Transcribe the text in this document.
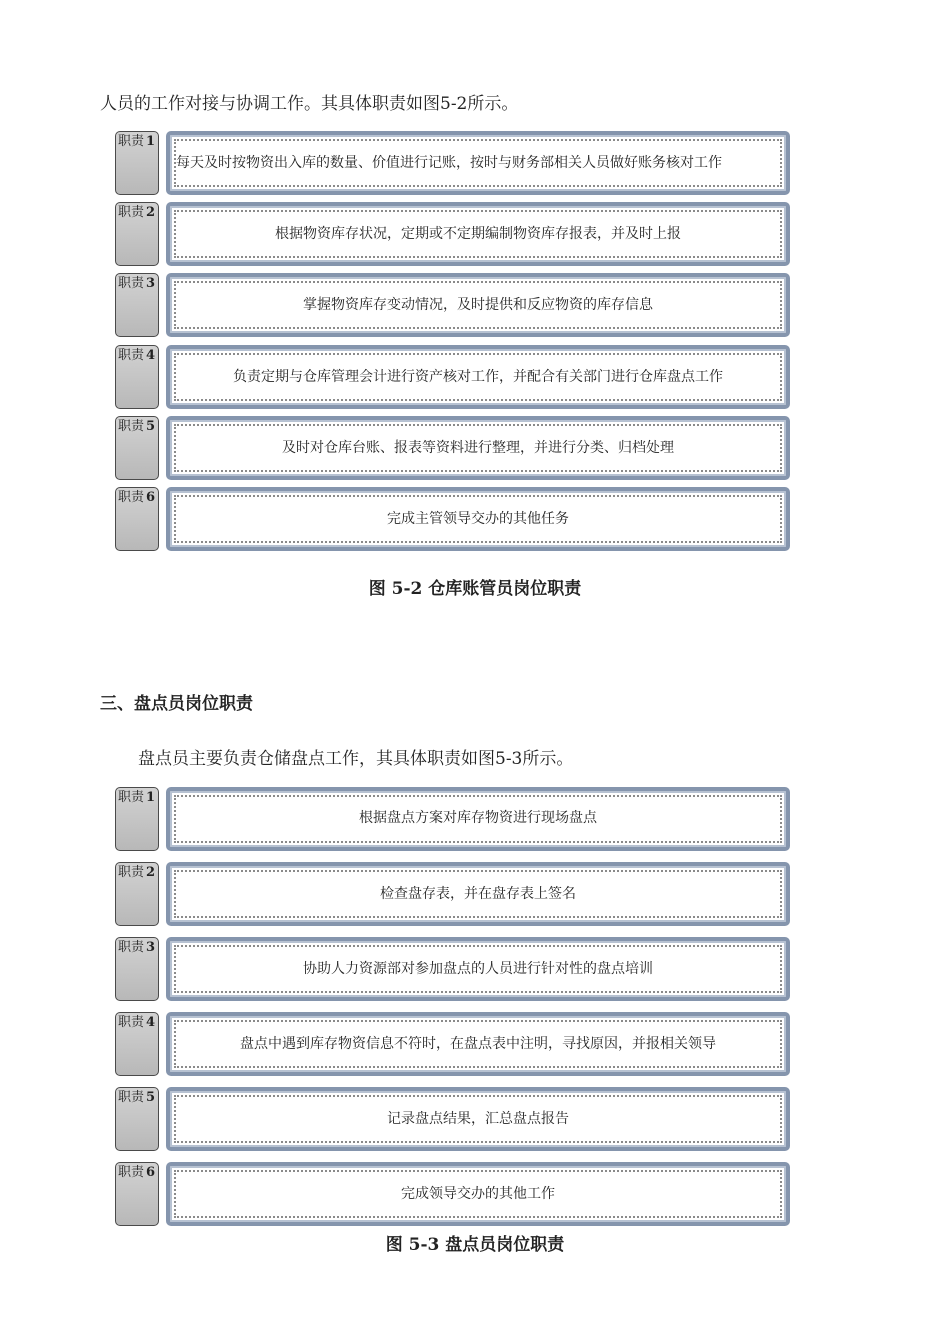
人员的工作对接与协调工作。其具体职责如图5-2所示。
职责 1
每天及时按物资出入库的数量、价值进行记账，按时与财务部相关人员做好账务核对工作
职责 2
根据物资库存状况，定期或不定期编制物资库存报表，并及时上报
职责 3
掌握物资库存变动情况，及时提供和反应物资的库存信息
职责 4
负责定期与仓库管理会计进行资产核对工作，并配合有关部门进行仓库盘点工作
职责 5
及时对仓库台账、报表等资料进行整理，并进行分类、归档处理
职责 6
完成主管领导交办的其他任务
图 5-2 仓库账管员岗位职责
三、盘点员岗位职责
盘点员主要负责仓储盘点工作，其具体职责如图5-3所示。
职责 1
根据盘点方案对库存物资进行现场盘点
职责 2
检查盘存表，并在盘存表上签名
职责 3
协助人力资源部对参加盘点的人员进行针对性的盘点培训
职责 4
盘点中遇到库存物资信息不符时，在盘点表中注明，寻找原因，并报相关领导
职责 5
记录盘点结果，汇总盘点报告
职责 6
完成领导交办的其他工作
图 5-3 盘点员岗位职责
